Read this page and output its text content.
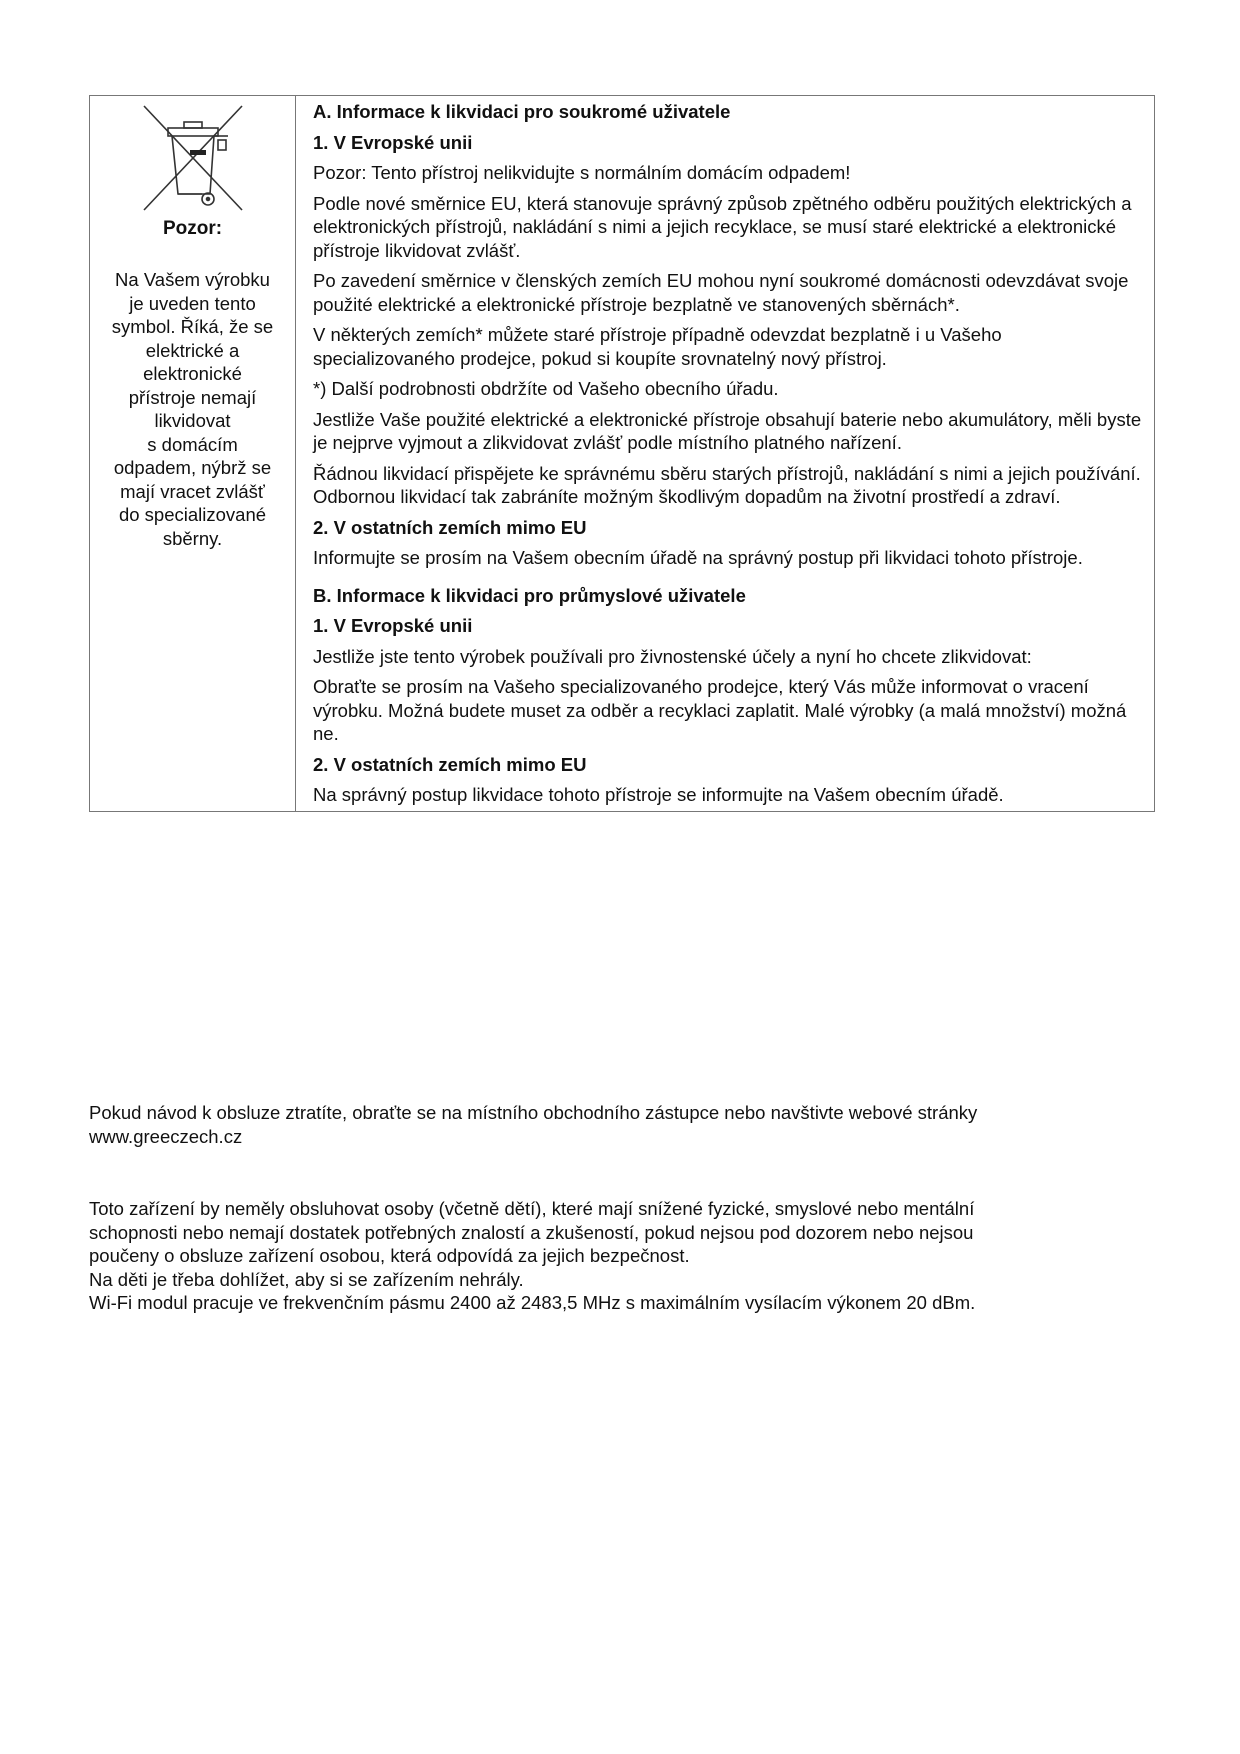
Pozor:
Na Vašem výrobku
je uveden tento
symbol. Říká, že se
elektrické a
elektronické
přístroje nemají
likvidovat
s domácím
odpadem, nýbrž se
mají vracet zvlášť
do specializované
sběrny.
A. Informace k likvidaci pro soukromé uživatele
1. V Evropské unii

Pozor: Tento přístroj nelikvidujte s normálním domácím odpadem!

Podle nové směrnice EU, která stanovuje správný způsob zpětného odběru použitých elektrických a elektronických přístrojů, nakládání s nimi a jejich recyklace, se musí staré elektrické a elektronické přístroje likvidovat zvlášť.

Po zavedení směrnice v členských zemích EU mohou nyní soukromé domácnosti odevzdávat svoje použité elektrické a elektronické přístroje bezplatně ve stanovených sběrnách*.

V některých zemích* můžete staré přístroje případně odevzdat bezplatně i u Vašeho specializovaného prodejce, pokud si koupíte srovnatelný nový přístroj.

*) Další podrobnosti obdržíte od Vašeho obecního úřadu.

Jestliže Vaše použité elektrické a elektronické přístroje obsahují baterie nebo akumulátory, měli byste je nejprve vyjmout a zlikvidovat zvlášť podle místního platného nařízení.

Řádnou likvidací přispějete ke správnému sběru starých přístrojů, nakládání s nimi a jejich používání. Odbornou likvidací tak zabráníte možným škodlivým dopadům na životní prostředí a zdraví.

2. V ostatních zemích mimo EU

Informujte se prosím na Vašem obecním úřadě na správný postup při likvidaci tohoto přístroje.

B. Informace k likvidaci pro průmyslové uživatele
1. V Evropské unii

Jestliže jste tento výrobek používali pro živnostenské účely a nyní ho chcete zlikvidovat:

Obraťte se prosím na Vašeho specializovaného prodejce, který Vás může informovat o vracení výrobku. Možná budete muset za odběr a recyklaci zaplatit. Malé výrobky (a malá množství) možná ne.

2. V ostatních zemích mimo EU

Na správný postup likvidace tohoto přístroje se informujte na Vašem obecním úřadě.

Pokud návod k obsluze ztratíte, obraťte se na místního obchodního zástupce nebo navštivte webové stránky

www.greeczech.cz

Toto zařízení by neměly obsluhovat osoby (včetně dětí), které mají snížené fyzické, smyslové nebo mentální

schopnosti nebo nemají dostatek potřebných znalostí a zkušeností, pokud nejsou pod dozorem nebo nejsou

poučeny o obsluze zařízení osobou, která odpovídá za jejich bezpečnost.

Na děti je třeba dohlížet, aby si se zařízením nehrály.

Wi-Fi modul pracuje ve frekvenčním pásmu 2400 až 2483,5 MHz s maximálním vysílacím výkonem 20 dBm.
